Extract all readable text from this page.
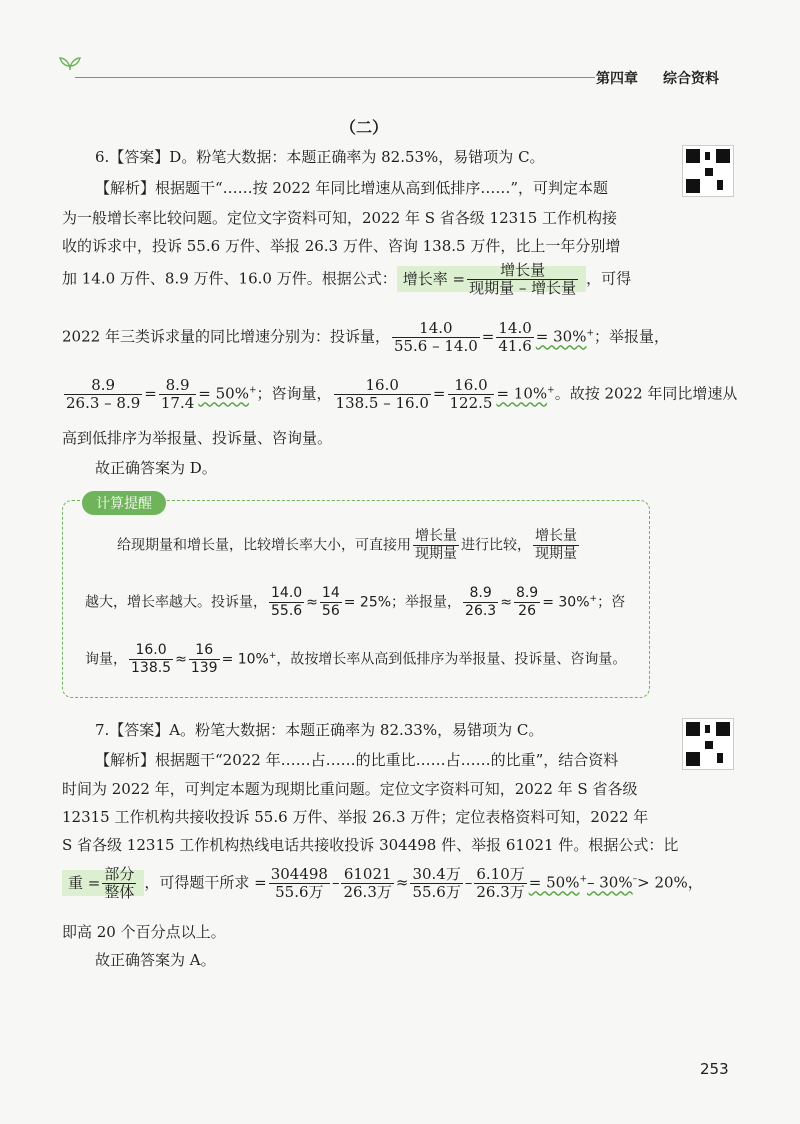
第四章 综合资料
（二）
6.【答案】D。粉笔大数据：本题正确率为 82.53%，易错项为 C。
【解析】根据题干“……按 2022 年同比增速从高到低排序……”，可判定本题
为一般增长率比较问题。定位文字资料可知，2022 年 S 省各级 12315 工作机构接
收的诉求中，投诉 55.6 万件、举报 26.3 万件、咨询 138.5 万件，比上一年分别增
加 14.0 万件、8.9 万件、16.0 万件。根据公式： 增长率 = $\frac{\text{增长量}}{\text{现期量 – 增长量}}$ ，可得
2022 年三类诉求量的同比增速分别为：投诉量， $\frac{14.0}{55.6 - 14.0} = \frac{14.0}{41.6} = 30\%^+$；举报量，
$\frac{8.9}{26.3 - 8.9} = \frac{8.9}{17.4} = 50\%^+$；咨询量， $\frac{16.0}{138.5 - 16.0} = \frac{16.0}{122.5} = 10\%^+$。故按 2022 年同比增速从
高到低排序为举报量、投诉量、咨询量。
故正确答案为 D。
计算提醒
给现期量和增长量，比较增长率大小，可直接用 $\frac{\text{增长量}}{\text{现期量}}$ 进行比较， $\frac{\text{增长量}}{\text{现期量}}$
越大，增长率越大。投诉量， $\frac{14.0}{55.6} \approx \frac{14}{56} = 25\%$；举报量， $\frac{8.9}{26.3} \approx \frac{8.9}{26} = 30\%^+$；咨
询量， $\frac{16.0}{138.5} \approx \frac{16}{139} = 10\%^+$，故按增长率从高到低排序为举报量、投诉量、咨询量。
7.【答案】A。粉笔大数据：本题正确率为 82.33%，易错项为 C。
【解析】根据题干“2022 年……占……的比重比……占……的比重”，结合资料
时间为 2022 年，可判定本题为现期比重问题。定位文字资料可知，2022 年 S 省各级
12315 工作机构共接收投诉 55.6 万件、举报 26.3 万件；定位表格资料可知，2022 年
S 省各级 12315 工作机构热线电话共接收投诉 304498 件、举报 61021 件。根据公式：比
重 = $\frac{\text{部分}}{\text{整体}}$ ，可得题干所求 = $\frac{304498}{\text{55.6万}} - \frac{61021}{\text{26.3万}} \approx \frac{\text{30.4万}}{\text{55.6万}} - \frac{\text{6.10万}}{\text{26.3万}} = 50\%^+-$ 30%–> 20%，
即高 20 个百分点以上。
故正确答案为 A。
253
